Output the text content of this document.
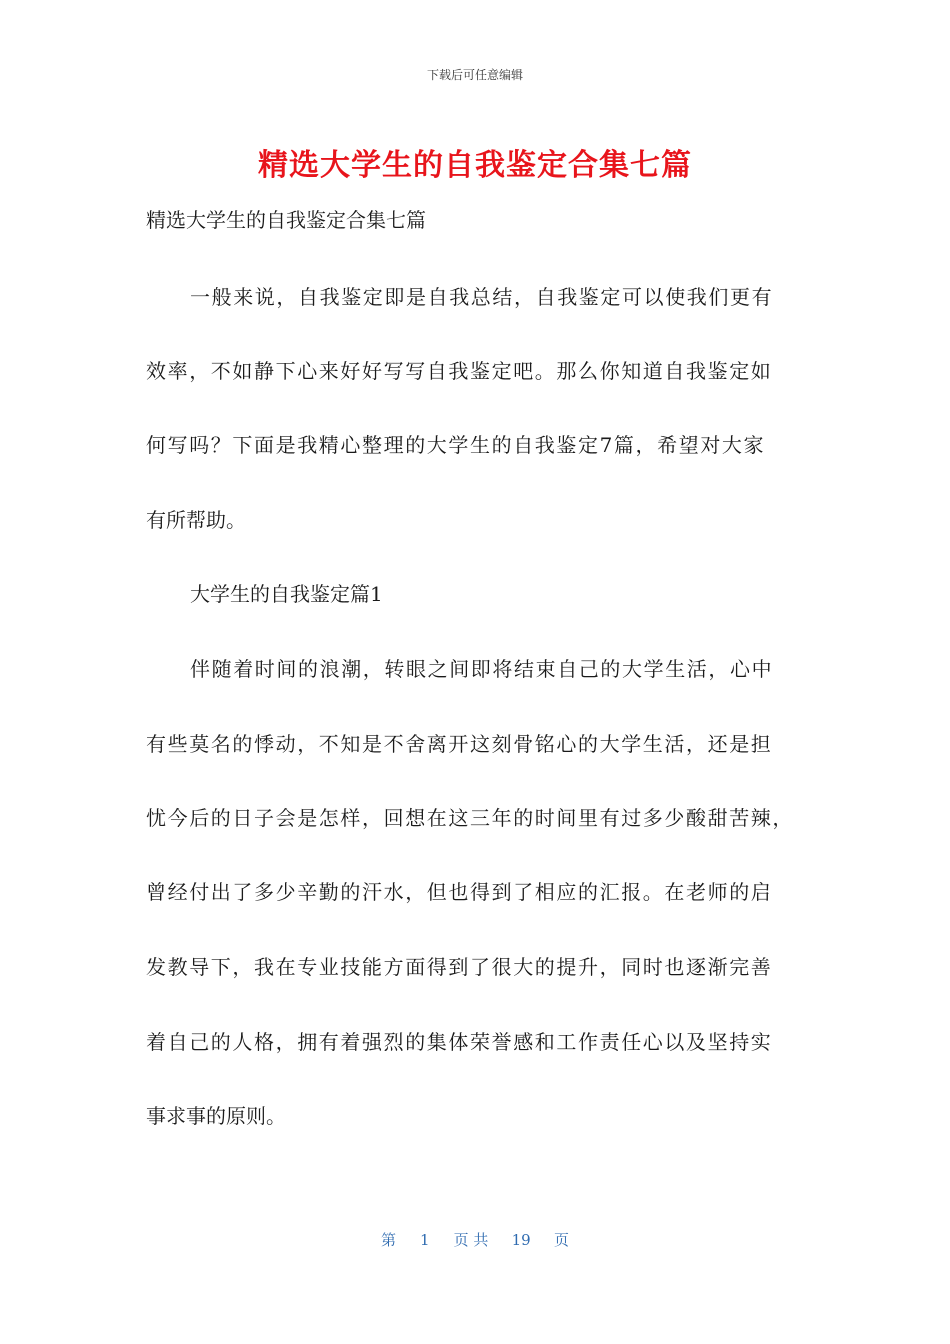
下载后可任意编辑
精选大学生的自我鉴定合集七篇
精选大学生的自我鉴定合集七篇
一般来说，自我鉴定即是自我总结，自我鉴定可以使我们更有
效率，不如静下心来好好写写自我鉴定吧。那么你知道自我鉴定如
何写吗？下面是我精心整理的大学生的自我鉴定7篇，希望对大家
有所帮助。
大学生的自我鉴定篇1
伴随着时间的浪潮，转眼之间即将结束自己的大学生活，心中
有些莫名的悸动，不知是不舍离开这刻骨铭心的大学生活，还是担
忧今后的日子会是怎样，回想在这三年的时间里有过多少酸甜苦辣，
曾经付出了多少辛勤的汗水，但也得到了相应的汇报。在老师的启
发教导下，我在专业技能方面得到了很大的提升，同时也逐渐完善
着自己的人格，拥有着强烈的集体荣誉感和工作责任心以及坚持实
事求事的原则。
第 1 页 共 19 页
